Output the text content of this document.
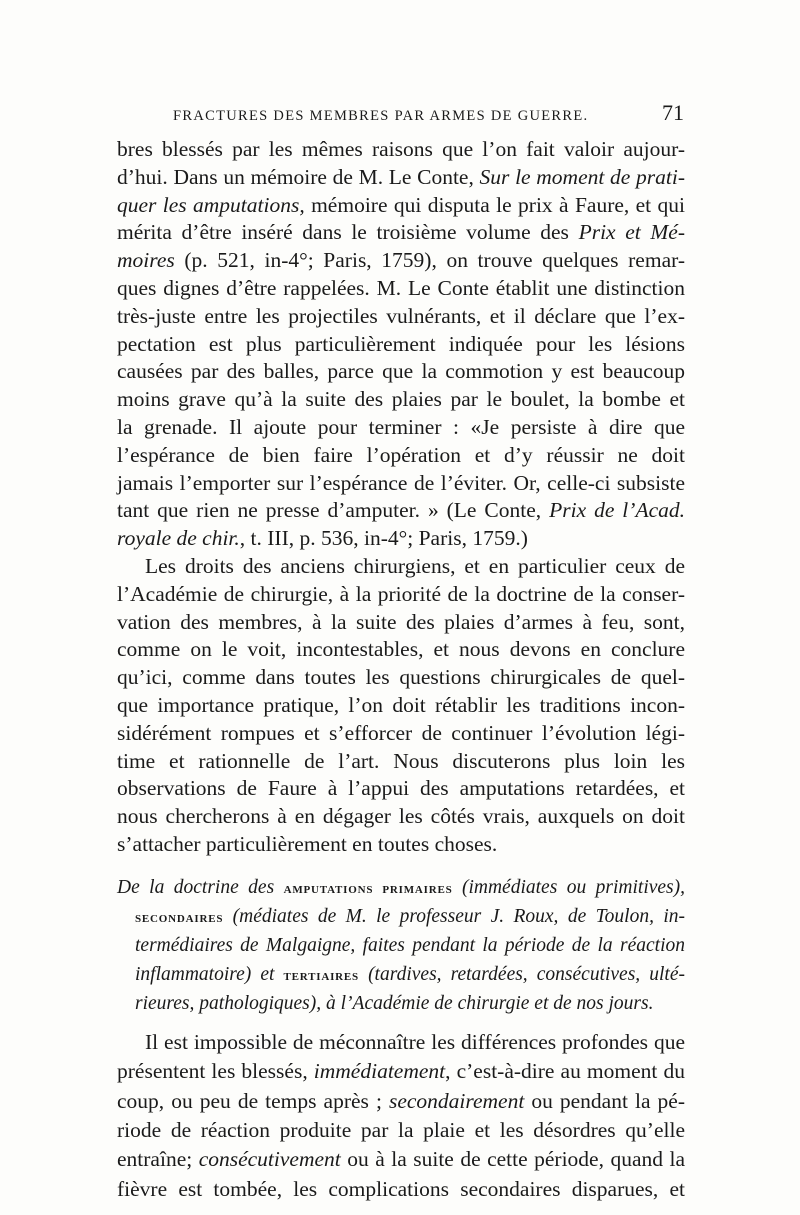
FRACTURES DES MEMBRES PAR ARMES DE GUERRE.	71
bres blessés par les mêmes raisons que l’on fait valoir aujour-
d’hui. Dans un mémoire de M. Le Conte, Sur le moment de prati-
quer les amputations, mémoire qui disputa le prix à Faure, et qui
mérita d’être inséré dans le troisième volume des Prix et Mé-
moires (p. 521, in-4°; Paris, 1759), on trouve quelques remar-
ques dignes d’être rappelées. M. Le Conte établit une distinction
très-juste entre les projectiles vulnérants, et il déclare que l’ex-
pectation est plus particulièrement indiquée pour les lésions
causées par des balles, parce que la commotion y est beaucoup
moins grave qu’à la suite des plaies par le boulet, la bombe et
la grenade. Il ajoute pour terminer : «Je persiste à dire que
l’espérance de bien faire l’opération et d’y réussir ne doit
jamais l’emporter sur l’espérance de l’éviter. Or, celle-ci subsiste
tant que rien ne presse d’amputer. » (Le Conte, Prix de l’Acad.
royale de chir., t. III, p. 536, in-4°; Paris, 1759.)
Les droits des anciens chirurgiens, et en particulier ceux de
l’Académie de chirurgie, à la priorité de la doctrine de la conser-
vation des membres, à la suite des plaies d’armes à feu, sont,
comme on le voit, incontestables, et nous devons en conclure
qu’ici, comme dans toutes les questions chirurgicales de quel-
que importance pratique, l’on doit rétablir les traditions incon-
sidérément rompues et s’efforcer de continuer l’évolution légi-
time et rationnelle de l’art. Nous discuterons plus loin les
observations de Faure à l’appui des amputations retardées, et
nous chercherons à en dégager les côtés vrais, auxquels on doit
s’attacher particulièrement en toutes choses.
De la doctrine des amputations primaires (immédiates ou primitives),
secondaires (médiates de M. le professeur J. Roux, de Toulon, in-
termédiaires de Malgaigne, faites pendant la période de la réaction
inflammatoire) et tertiaires (tardives, retardées, consécutives, ulté-
rieures, pathologiques), à l’Académie de chirurgie et de nos jours.
Il est impossible de méconnaître les différences profondes que
présentent les blessés, immédiatement, c’est-à-dire au moment du
coup, ou peu de temps après ; secondairement ou pendant la pé-
riode de réaction produite par la plaie et les désordres qu’elle
entraîne; consécutivement ou à la suite de cette période, quand la
fièvre est tombée, les complications secondaires disparues, et
